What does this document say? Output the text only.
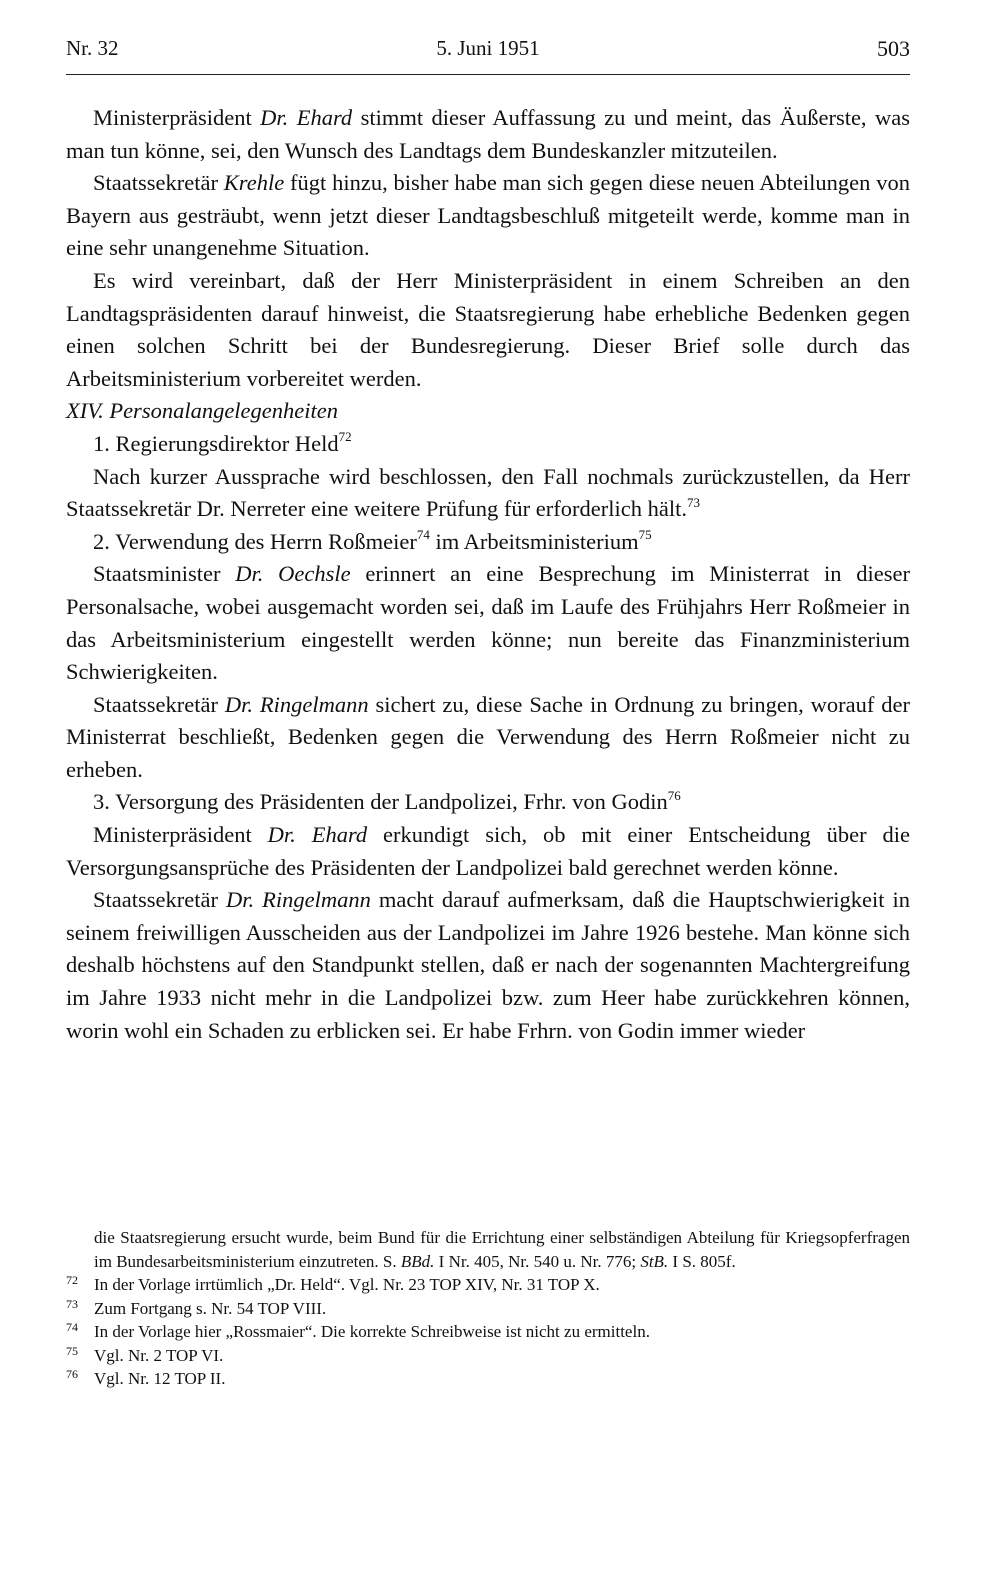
Nr. 32	5. Juni 1951	503

Ministerpräsident Dr. Ehard stimmt dieser Auffassung zu und meint, das Äußerste, was man tun könne, sei, den Wunsch des Landtags dem Bundeskanzler mitzuteilen.

Staatssekretär Krehle fügt hinzu, bisher habe man sich gegen diese neuen Abteilungen von Bayern aus gesträubt, wenn jetzt dieser Landtagsbeschluß mitgeteilt werde, komme man in eine sehr unangenehme Situation.

Es wird vereinbart, daß der Herr Ministerpräsident in einem Schreiben an den Landtagspräsidenten darauf hinweist, die Staatsregierung habe erhebliche Bedenken gegen einen solchen Schritt bei der Bundesregierung. Dieser Brief solle durch das Arbeitsministerium vorbereitet werden.

XIV. Personalangelegenheiten

1. Regierungsdirektor Held$^{72}$

Nach kurzer Aussprache wird beschlossen, den Fall nochmals zurückzustellen, da Herr Staatssekretär Dr. Nerreter eine weitere Prüfung für erforderlich hält.$^{73}$

2. Verwendung des Herrn Roßmeier$^{74}$ im Arbeitsministerium$^{75}$

Staatsminister Dr. Oechsle erinnert an eine Besprechung im Ministerrat in dieser Personalsache, wobei ausgemacht worden sei, daß im Laufe des Frühjahrs Herr Roßmeier in das Arbeitsministerium eingestellt werden könne; nun bereite das Finanzministerium Schwierigkeiten.

Staatssekretär Dr. Ringelmann sichert zu, diese Sache in Ordnung zu bringen, worauf der Ministerrat beschließt, Bedenken gegen die Verwendung des Herrn Roßmeier nicht zu erheben.

3. Versorgung des Präsidenten der Landpolizei, Frhr. von Godin$^{76}$

Ministerpräsident Dr. Ehard erkundigt sich, ob mit einer Entscheidung über die Versorgungsansprüche des Präsidenten der Landpolizei bald gerechnet werden könne.

Staatssekretär Dr. Ringelmann macht darauf aufmerksam, daß die Hauptschwierigkeit in seinem freiwilligen Ausscheiden aus der Landpolizei im Jahre 1926 bestehe. Man könne sich deshalb höchstens auf den Standpunkt stellen, daß er nach der sogenannten Machtergreifung im Jahre 1933 nicht mehr in die Landpolizei bzw. zum Heer habe zurückkehren können, worin wohl ein Schaden zu erblicken sei. Er habe Frhrn. von Godin immer wieder

die Staatsregierung ersucht wurde, beim Bund für die Errichtung einer selbständigen Abteilung für Kriegsopferfragen im Bundesarbeitsministerium einzutreten. S. BBd. I Nr. 405, Nr. 540 u. Nr. 776; StB. I S. 805f.

72 In der Vorlage irrtümlich „Dr. Held“. Vgl. Nr. 23 TOP XIV, Nr. 31 TOP X.

73 Zum Fortgang s. Nr. 54 TOP VIII.

74 In der Vorlage hier „Rossmaier“. Die korrekte Schreibweise ist nicht zu ermitteln.

75 Vgl. Nr. 2 TOP VI.

76 Vgl. Nr. 12 TOP II.
